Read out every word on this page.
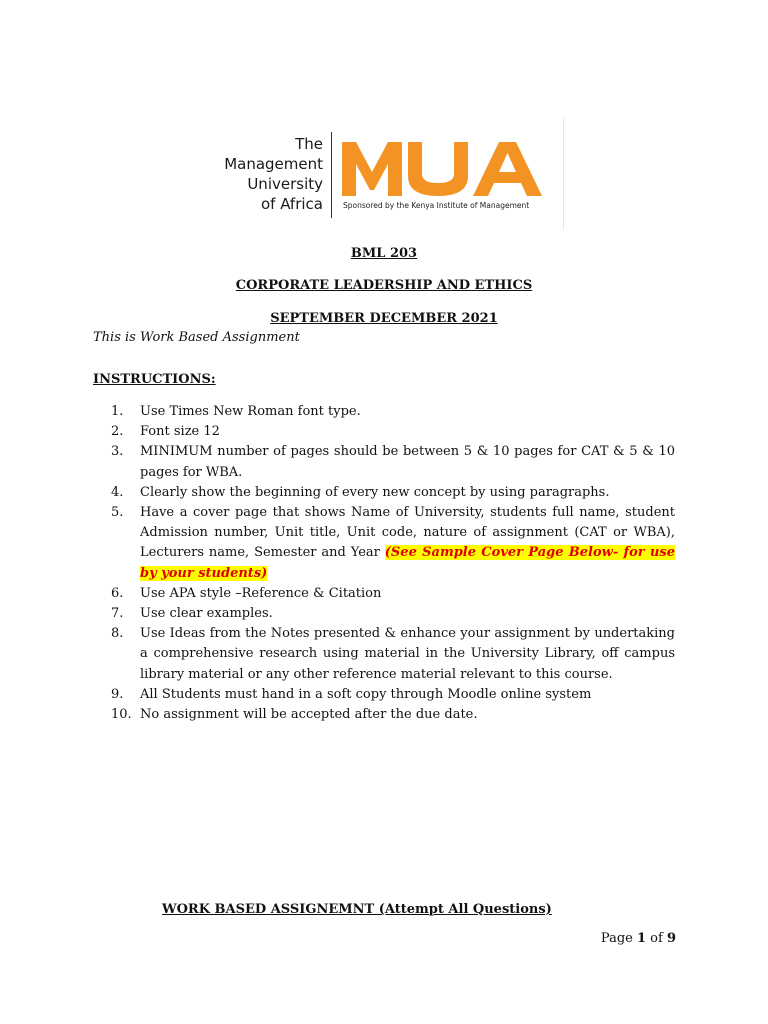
The
Management
University
of Africa	Sponsored by the Kenya Institute of Management
BML 203
CORPORATE LEADERSHIP AND ETHICS
SEPTEMBER DECEMBER 2021
This is Work Based Assignment
INSTRUCTIONS:
1.	Use Times New Roman font type.
2.	Font size 12
3.	MINIMUM number of pages should be between 5 & 10 pages for CAT & 5 & 10 pages for WBA.
4.	Clearly show the beginning of every new concept by using paragraphs.
5.	Have a cover page that shows Name of University, students full name, student Admission number, Unit title, Unit code, nature of assignment (CAT or WBA), Lecturers name, Semester and Year (See Sample Cover Page Below- for use by your students)
6.	Use APA style –Reference & Citation
7.	Use clear examples.
8.	Use Ideas from the Notes presented & enhance your assignment by undertaking a comprehensive research using material in the University Library, off campus library material or any other reference material relevant to this course.
9.	All Students must hand in a soft copy through Moodle online system
10. No assignment will be accepted after the due date.
WORK BASED ASSIGNEMNT (Attempt All Questions)
Page 1 of 9
